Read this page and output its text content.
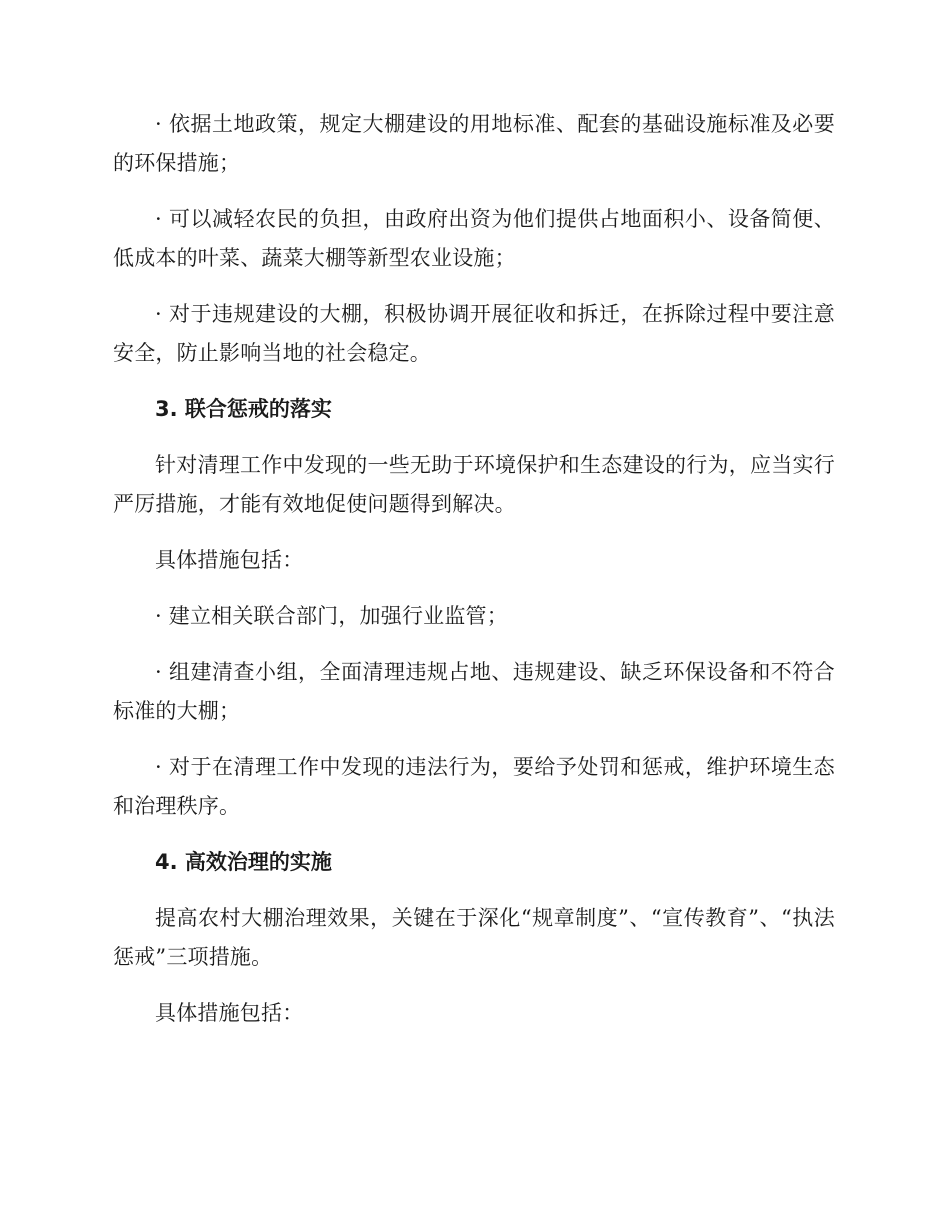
· 依据土地政策，规定大棚建设的用地标准、配套的基础设施标准及必要的环保措施；

· 可以减轻农民的负担，由政府出资为他们提供占地面积小、设备简便、低成本的叶菜、蔬菜大棚等新型农业设施；

· 对于违规建设的大棚，积极协调开展征收和拆迁，在拆除过程中要注意安全，防止影响当地的社会稳定。

3. 联合惩戒的落实

针对清理工作中发现的一些无助于环境保护和生态建设的行为，应当实行严厉措施，才能有效地促使问题得到解决。

具体措施包括：

· 建立相关联合部门，加强行业监管；

· 组建清查小组，全面清理违规占地、违规建设、缺乏环保设备和不符合标准的大棚；

· 对于在清理工作中发现的违法行为，要给予处罚和惩戒，维护环境生态和治理秩序。

4. 高效治理的实施

提高农村大棚治理效果，关键在于深化“规章制度”、“宣传教育”、“执法惩戒”三项措施。

具体措施包括：
